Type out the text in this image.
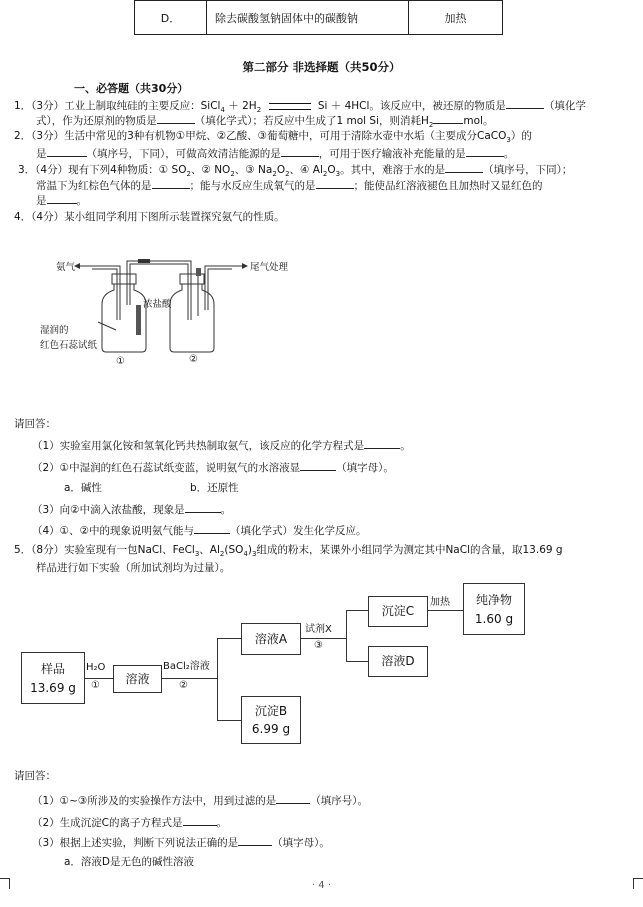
D．	除去碳酸氢钠固体中的碳酸钠	加热
第二部分 非选择题（共50分）
一、必答题（共30分）
1．（3分）工业上制取纯硅的主要反应：SiCl$_4$ ＋ $2H_2$	Si ＋ 4HCl。该反应中，被还原的物质是	（填化学
式），作为还原剂的物质是	（填化学式）；若反应中生成了1 mol Si，则消耗$H_2$	mol。
2．（3分）生活中常见的3种有机物①甲烷、②乙酸、③葡萄糖中，可用于清除水壶中水垢（主要成分CaCO$_3$）的
是	（填序号，下同），可做高效清洁能源的是	，可用于医疗输液补充能量的是	。
3．（4分）现有下列4种物质：① $SO_2$、② $NO_2$、③ $Na_2O_2$、④ $Al_2O_3$。其中，难溶于水的是	（填序号，下同）；
常温下为红棕色气体的是	；能与水反应生成氧气的是	；能使品红溶液褪色且加热时又显红色的
是	。
4．（4分）某小组同学利用下图所示装置探究氨气的性质。
氨气	尾气处理
浓盐酸
湿润的
红色石蕊试纸
①	②
请回答：
（1）实验室用氯化铵和氢氧化钙共热制取氨气，该反应的化学方程式是	。
（2）①中湿润的红色石蕊试纸变蓝，说明氨气的水溶液显	（填字母）。
a．碱性	b．还原性
（3）向②中滴入浓盐酸，现象是	。
（4）①、②中的现象说明氨气能与	（填化学式）发生化学反应。
5．（8分）实验室现有一包NaCl、FeCl$_3$、$Al_2(SO_4)_3$组成的粉末，某课外小组同学为测定其中NaCl的含量，取13.69 g
样品进行如下实验（所加试剂均为过量）。
样品
13.69 g
H₂O
①	溶液
BaCl₂溶液
②
溶液A
沉淀B
6.99 g
试剂X
③
沉淀C
溶液D
加热	纯净物
1.60 g
请回答：
（1）①~③所涉及的实验操作方法中，用到过滤的是	（填序号）。
（2）生成沉淀C的离子方程式是	。
（3）根据上述实验，判断下列说法正确的是	（填字母）。
a．溶液D是无色的碱性溶液
· 4 ·
